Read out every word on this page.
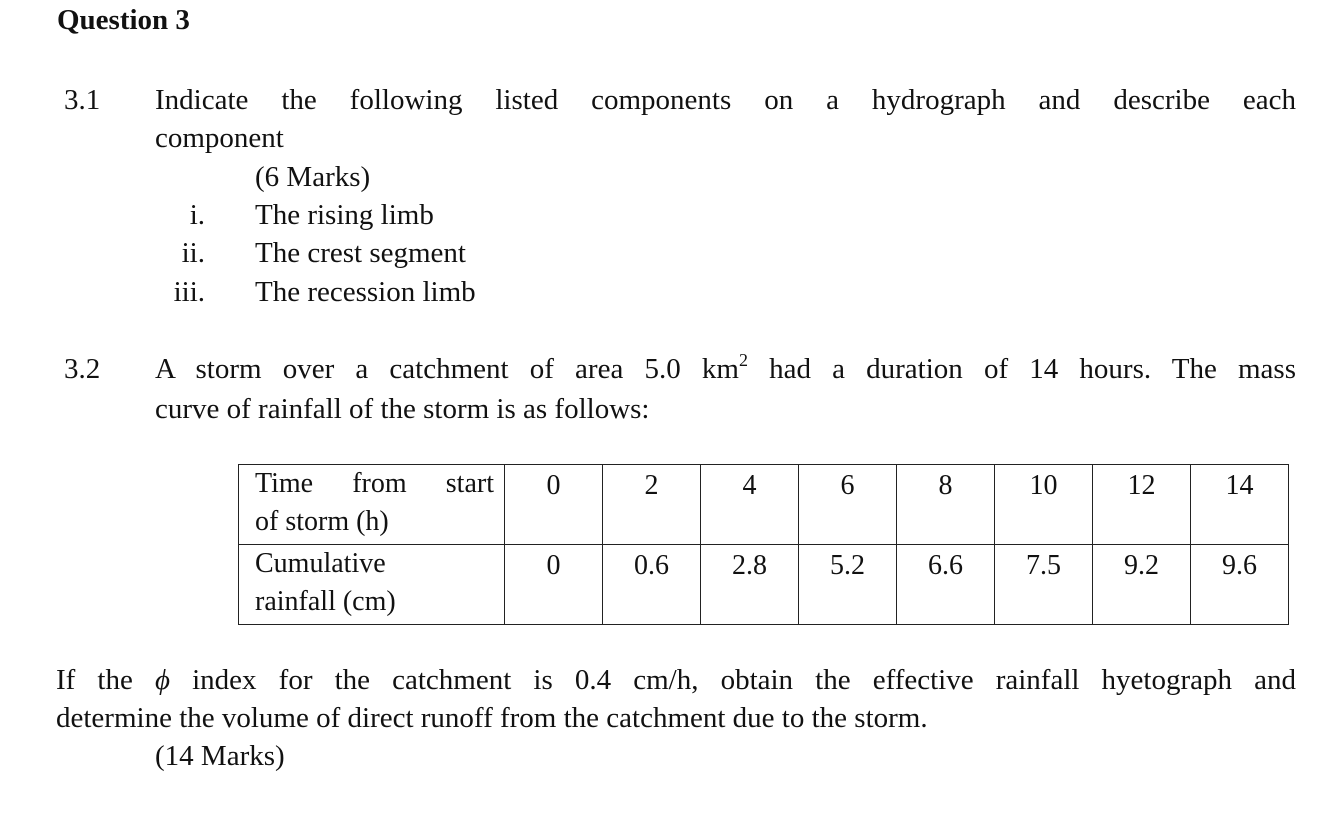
Question 3
3.1 Indicate the following listed components on a hydrograph and describe each
component
(6 Marks)
i. The rising limb
ii. The crest segment
iii. The recession limb
3.2 A storm over a catchment of area 5.0 $km^2$ had a duration of 14 hours. The mass
curve of rainfall of the storm is as follows:
Time from start
of storm (h)	0	2	4	6	8	10	12	14

Cumulative
rainfall (cm)	0	0.6	2.8	5.2	6.6	7.5	9.2	9.6
If the ϕ index for the catchment is 0.4 cm/h, obtain the effective rainfall hyetograph and
determine the volume of direct runoff from the catchment due to the storm.
(14 Marks)
